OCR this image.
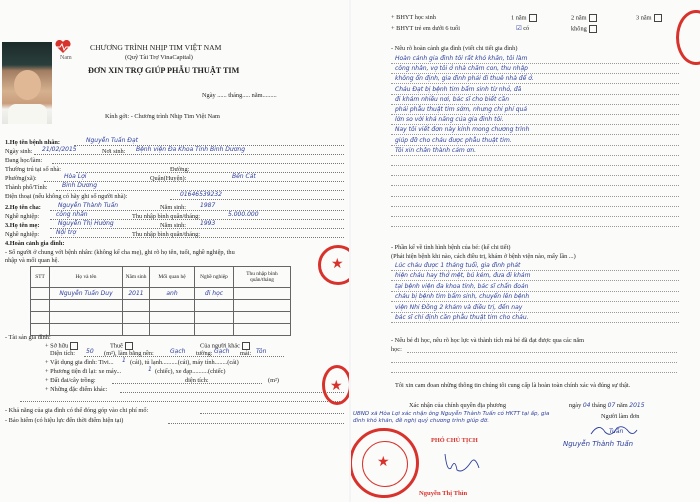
Nam
CHƯƠNG TRÌNH NHỊP TIM VIỆT NAM
(Quỹ Tài Trợ VinaCapital)
ĐƠN XIN TRỢ GIÚP PHẪU THUẬT TIM
Ngày ...... tháng..... năm.........
Kính gởi: - Chương trình Nhịp Tim Việt Nam
1.Họ tên bệnh nhân:	Nguyễn Tuấn Đạt
Ngày sinh: 21/02/2015	Nơi sinh: Bệnh viện Đa Khoa Tỉnh Bình Dương
Đang học/làm:
Thường trú tại số nhà:	Đường:
Phường(xã):	Hòa Lợi	Quận(Huyện):	Bến Cát
Thành phố/Tỉnh: Bình Dương
Điện thoại (nếu không có hãy ghi số người nhà):	01646539232
2.Họ tên cha:	Nguyễn Thành Tuấn	Năm sinh: 1987
Nghề nghiệp:	công nhân	Thu nhập bình quân/tháng:	5.000.000
3.Họ tên mẹ:	Nguyễn Thị Hường	Năm sinh: 1993
Nghề nghiệp:	Nội trợ	Thu nhập bình quân/tháng:
4.Hoàn cảnh gia đình:
- Số người ở chung với bệnh nhân: (không kể cha mẹ), ghi rõ họ tên, tuổi, nghề nghiệp, thu
nhập và mối quan hệ.
STT	Họ và tên	Năm sinh	Mối quan hệ	Nghề nghiệp	Thu nhập bình quân/tháng
	Nguyễn Tuấn Duy	2011	anh	đi học	

- Tài sản gia đình:
+ Sở hữu	Thuê	Của người khác
Diện tích: 50 (m²), làm bằng nền:	Gạch tường: Gạch mái: Tôn
+ Vật dụng gia đình: Tivi... 1 (cái), tủ lạnh..........(cái), máy tính........(cái)
+ Phương tiện đi lại: xe máy...	1 (chiếc), xe đạp..........(chiếc)
+ Đất đai/cây trồng:	diện tích:	(m²)
+ Những đặc điểm khác:
- Khả năng của gia đình có thể đóng góp vào chi phí mổ:
- Bảo hiểm (có hiệu lực đến thời điểm hiện tại)
★
★
+ BHYT học sinh	1 năm	2 năm	3 năm
+ BHYT trẻ em dưới 6 tuổi	☑ có	không
- Nêu rõ hoàn cảnh gia đình (viết chi tiết gia đình)
Hoàn cảnh gia đình tôi rất khó khăn, tôi làm
công nhân, vợ tôi ở nhà chăm con, thu nhập
không ổn định, gia đình phải đi thuê nhà để ở.
Cháu Đạt bị bệnh tim bẩm sinh từ nhỏ, đã
đi khám nhiều nơi, bác sĩ cho biết cần
phải phẫu thuật tim sớm, nhưng chi phí quá
lớn so với khả năng của gia đình tôi.
Nay tôi viết đơn này kính mong chương trình
giúp đỡ cho cháu được phẫu thuật tim.
Tôi xin chân thành cảm ơn.
- Phần kể về tình hình bệnh của bé: (kể chi tiết)
(Phát hiện bệnh khi nào, cách điều trị, khám ở bệnh viện nào, mấy lần ...)
Lúc cháu được 1 tháng tuổi, gia đình phát
hiện cháu hay thở mệt, bú kém, đưa đi khám
tại bệnh viện đa khoa tỉnh, bác sĩ chẩn đoán
cháu bị bệnh tim bẩm sinh, chuyển lên bệnh
viện Nhi Đồng 2 khám và điều trị, đến nay
bác sĩ chỉ định cần phẫu thuật tim cho cháu.
- Nếu bé đi học, nêu rõ học lực và thành tích mà bé đã đạt được qua các năm
học:
Tôi xin cam đoan những thông tin chúng tôi cung cấp là hoàn toàn chính xác và đúng sự thật.
ngày 04 tháng 07 năm 2015
Xác nhận của chính quyền địa phương
UBND xã Hòa Lợi xác nhận ông Nguyễn Thành Tuấn có HKTT tại ấp, gia đình khó khăn, đề nghị quý chương trình giúp đỡ.
Người làm đơn
Tuấn
Nguyễn Thành Tuấn
★
PHÓ CHỦ TỊCH
Nguyễn Thị Thìn
